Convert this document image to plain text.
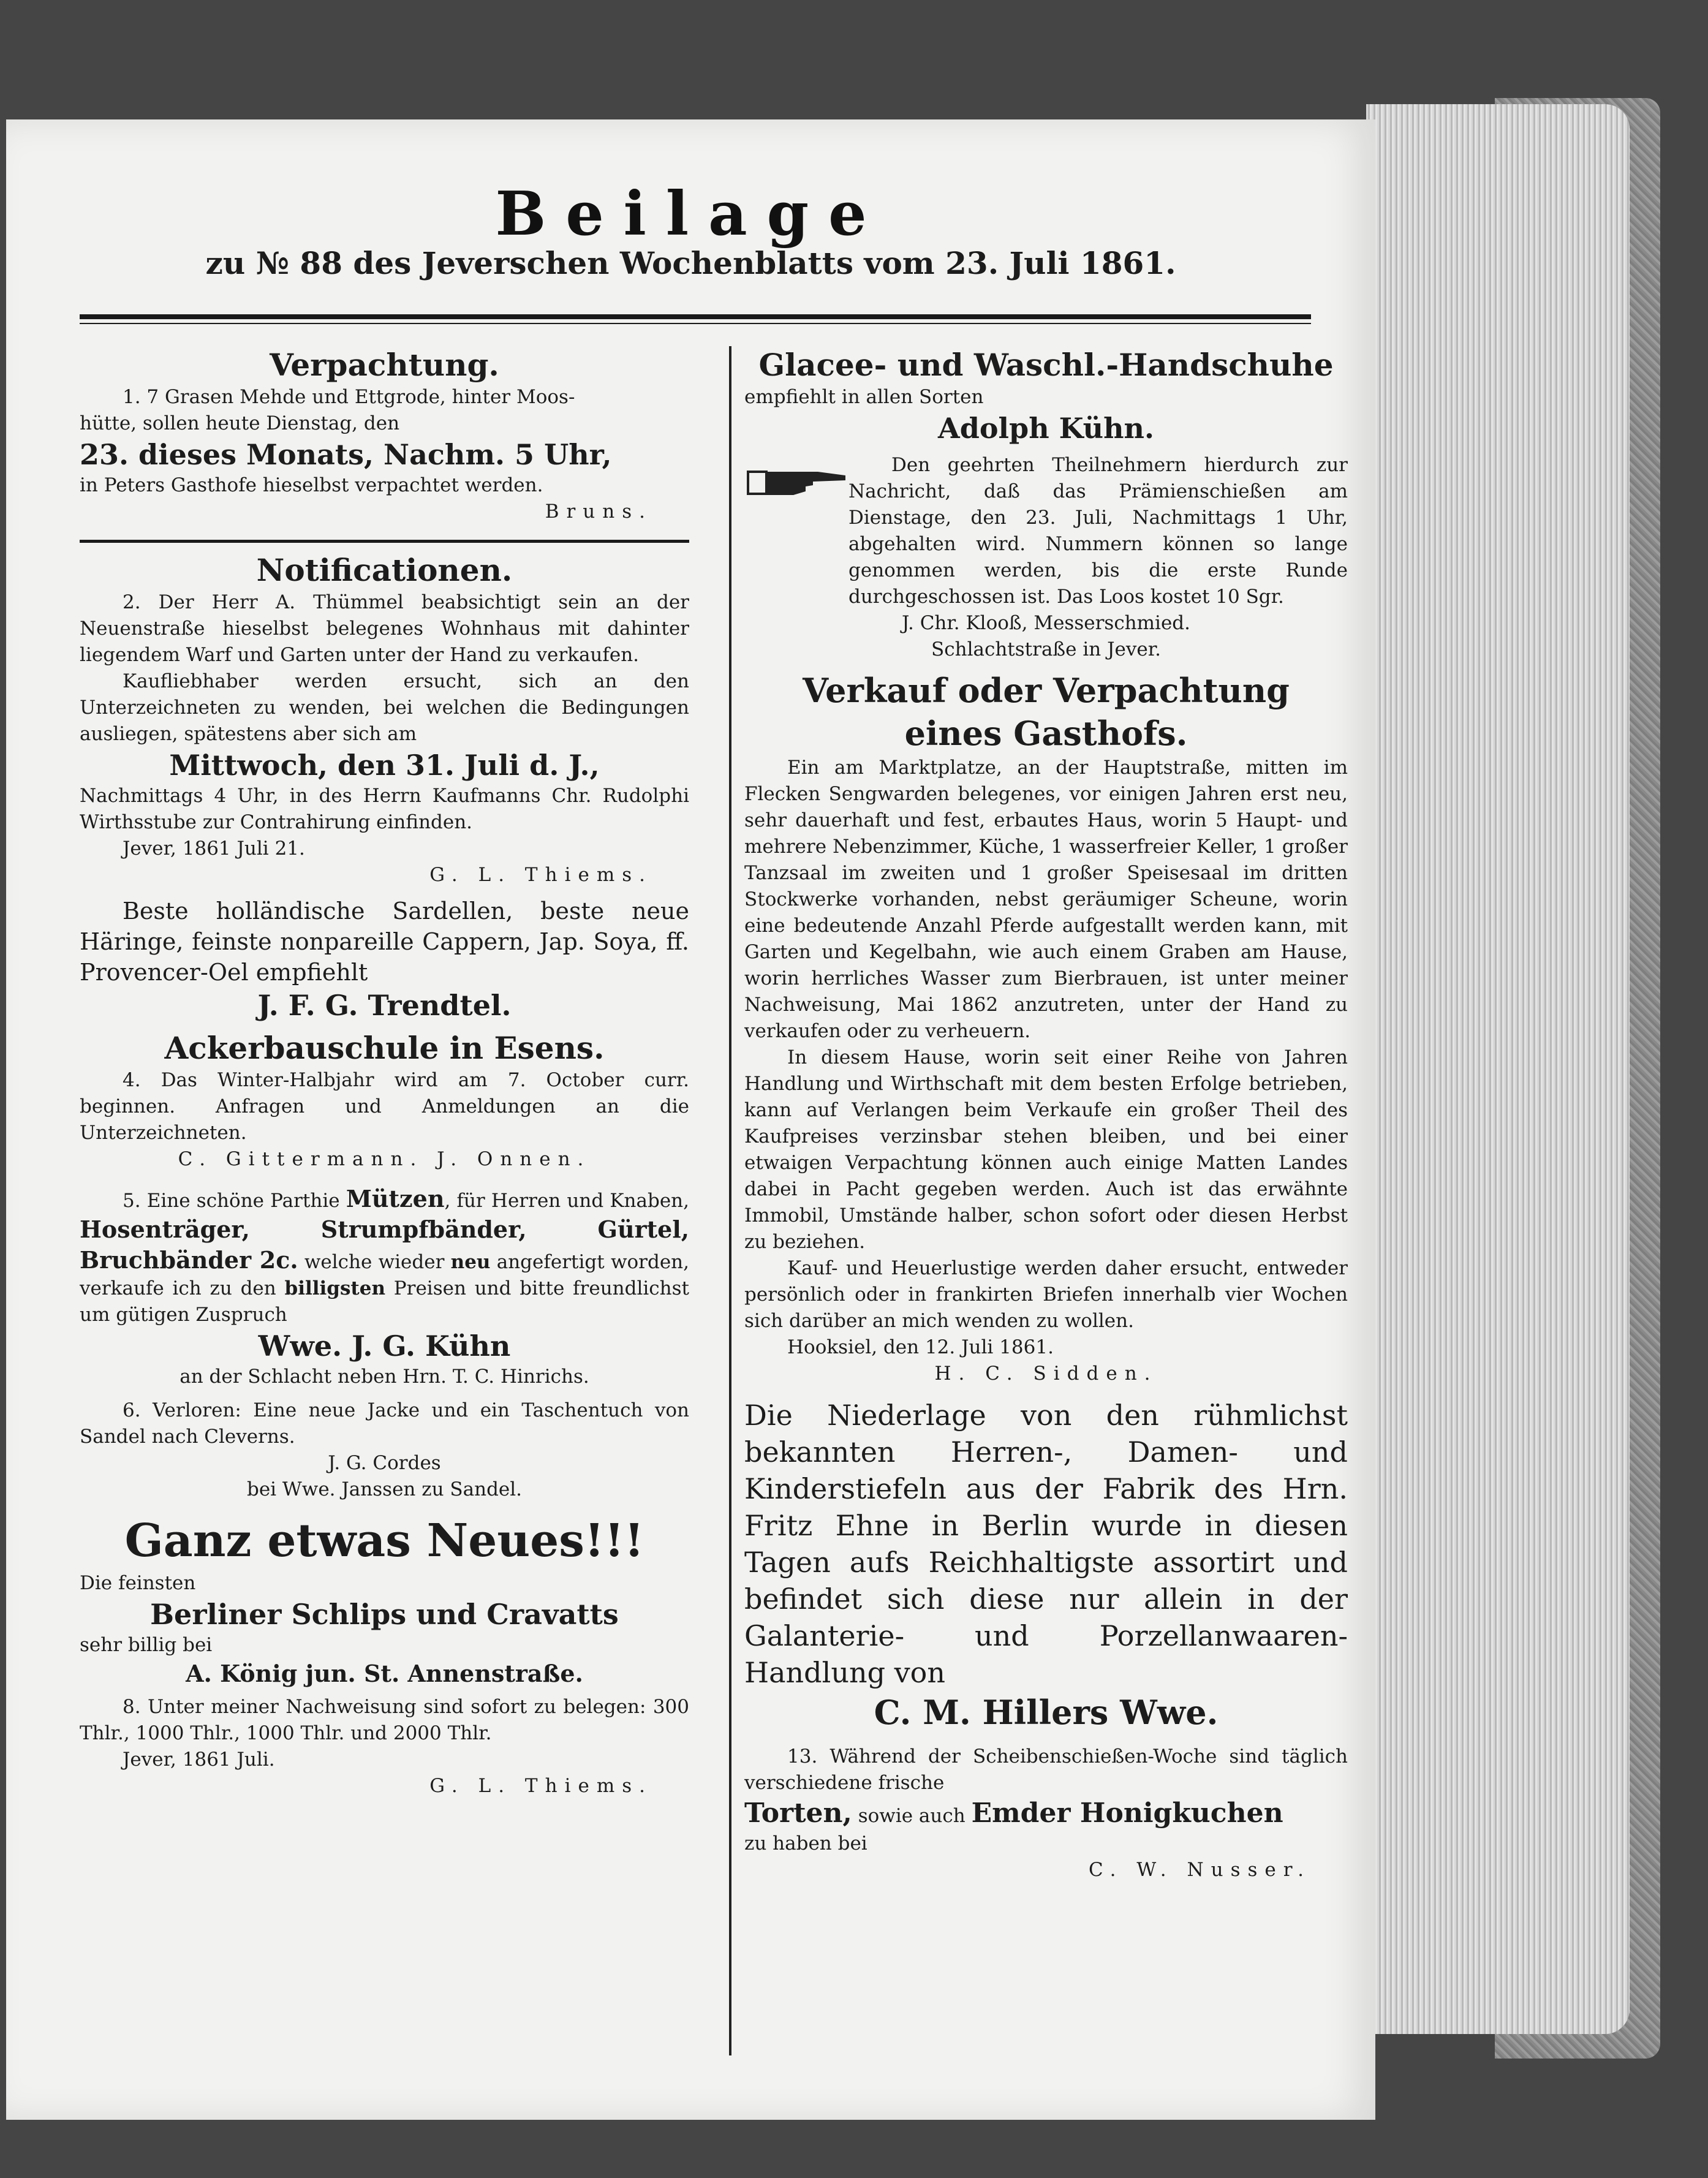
Beilage

zu № 88 des Jeverschen Wochenblatts vom 23. Juli 1861.

Verpachtung.

1. 7 Grasen Mehde und Ettgrode, hinter Moos-

hütte, sollen heute Dienstag, den

23. dieses Monats, Nachm. 5 Uhr,

in Peters Gasthofe hieselbst verpachtet werden.

Bruns.

Notificationen.

2. Der Herr A. Thümmel beabsichtigt sein an der Neuenstraße hieselbst belegenes Wohnhaus mit dahinter liegendem Warf und Garten unter der Hand zu verkaufen.

Kaufliebhaber werden ersucht, sich an den Unterzeichneten zu wenden, bei welchen die Bedingungen ausliegen, spätestens aber sich am

Mittwoch, den 31. Juli d. J.,

Nachmittags 4 Uhr, in des Herrn Kaufmanns Chr. Rudolphi Wirthsstube zur Contrahirung einfinden.

Jever, 1861 Juli 21.

G. L. Thiems.

Beste holländische Sardellen, beste neue Häringe, feinste nonpareille Cappern, Jap. Soya, ff. Provencer-Oel empfiehlt

J. F. G. Trendtel.

Ackerbauschule in Esens.

4. Das Winter-Halbjahr wird am 7. October curr. beginnen. Anfragen und Anmeldungen an die Unterzeichneten.

C. Gittermann. J. Onnen.

5. Eine schöne Parthie Mützen, für Herren und Knaben, Hosenträger, Strumpfbänder, Gürtel, Bruchbänder 2c. welche wieder neu angefertigt worden, verkaufe ich zu den billigsten Preisen und bitte freundlichst um gütigen Zuspruch

Wwe. J. G. Kühn

an der Schlacht neben Hrn. T. C. Hinrichs.

6. Verloren: Eine neue Jacke und ein Taschentuch von Sandel nach Cleverns.

J. G. Cordes

bei Wwe. Janssen zu Sandel.

Ganz etwas Neues!!!

Die feinsten

Berliner Schlips und Cravatts

sehr billig bei

A. König jun. St. Annenstraße.

8. Unter meiner Nachweisung sind sofort zu belegen: 300 Thlr., 1000 Thlr., 1000 Thlr. und 2000 Thlr.

Jever, 1861 Juli.

G. L. Thiems.

Glacee- und Waschl.-Handschuhe

empfiehlt in allen Sorten

Adolph Kühn.

Den geehrten Theilnehmern hierdurch zur Nachricht, daß das Prämienschießen am Dienstage, den 23. Juli, Nachmittags 1 Uhr, abgehalten wird. Nummern können so lange genommen werden, bis die erste Runde durchgeschossen ist. Das Loos kostet 10 Sgr.

J. Chr. Klooß, Messerschmied.

Schlachtstraße in Jever.

Verkauf oder Verpachtung

eines Gasthofs.

Ein am Marktplatze, an der Hauptstraße, mitten im Flecken Sengwarden belegenes, vor einigen Jahren erst neu, sehr dauerhaft und fest, erbautes Haus, worin 5 Haupt- und mehrere Nebenzimmer, Küche, 1 wasserfreier Keller, 1 großer Tanzsaal im zweiten und 1 großer Speisesaal im dritten Stockwerke vorhanden, nebst geräumiger Scheune, worin eine bedeutende Anzahl Pferde aufgestallt werden kann, mit Garten und Kegelbahn, wie auch einem Graben am Hause, worin herrliches Wasser zum Bierbrauen, ist unter meiner Nachweisung, Mai 1862 anzutreten, unter der Hand zu verkaufen oder zu verheuern.

In diesem Hause, worin seit einer Reihe von Jahren Handlung und Wirthschaft mit dem besten Erfolge betrieben, kann auf Verlangen beim Verkaufe ein großer Theil des Kaufpreises verzinsbar stehen bleiben, und bei einer etwaigen Verpachtung können auch einige Matten Landes dabei in Pacht gegeben werden. Auch ist das erwähnte Immobil, Umstände halber, schon sofort oder diesen Herbst zu beziehen.

Kauf- und Heuerlustige werden daher ersucht, entweder persönlich oder in frankirten Briefen innerhalb vier Wochen sich darüber an mich wenden zu wollen.

Hooksiel, den 12. Juli 1861.

H. C. Sidden.

Die Niederlage von den rühmlichst bekannten Herren-, Damen- und Kinderstiefeln aus der Fabrik des Hrn. Fritz Ehne in Berlin wurde in diesen Tagen aufs Reichhaltigste assortirt und befindet sich diese nur allein in der Galanterie- und Porzellanwaaren-Handlung von

C. M. Hillers Wwe.

13. Während der Scheibenschießen-Woche sind täglich verschiedene frische

Torten, sowie auch Emder Honigkuchen

zu haben bei

C. W. Nusser.
